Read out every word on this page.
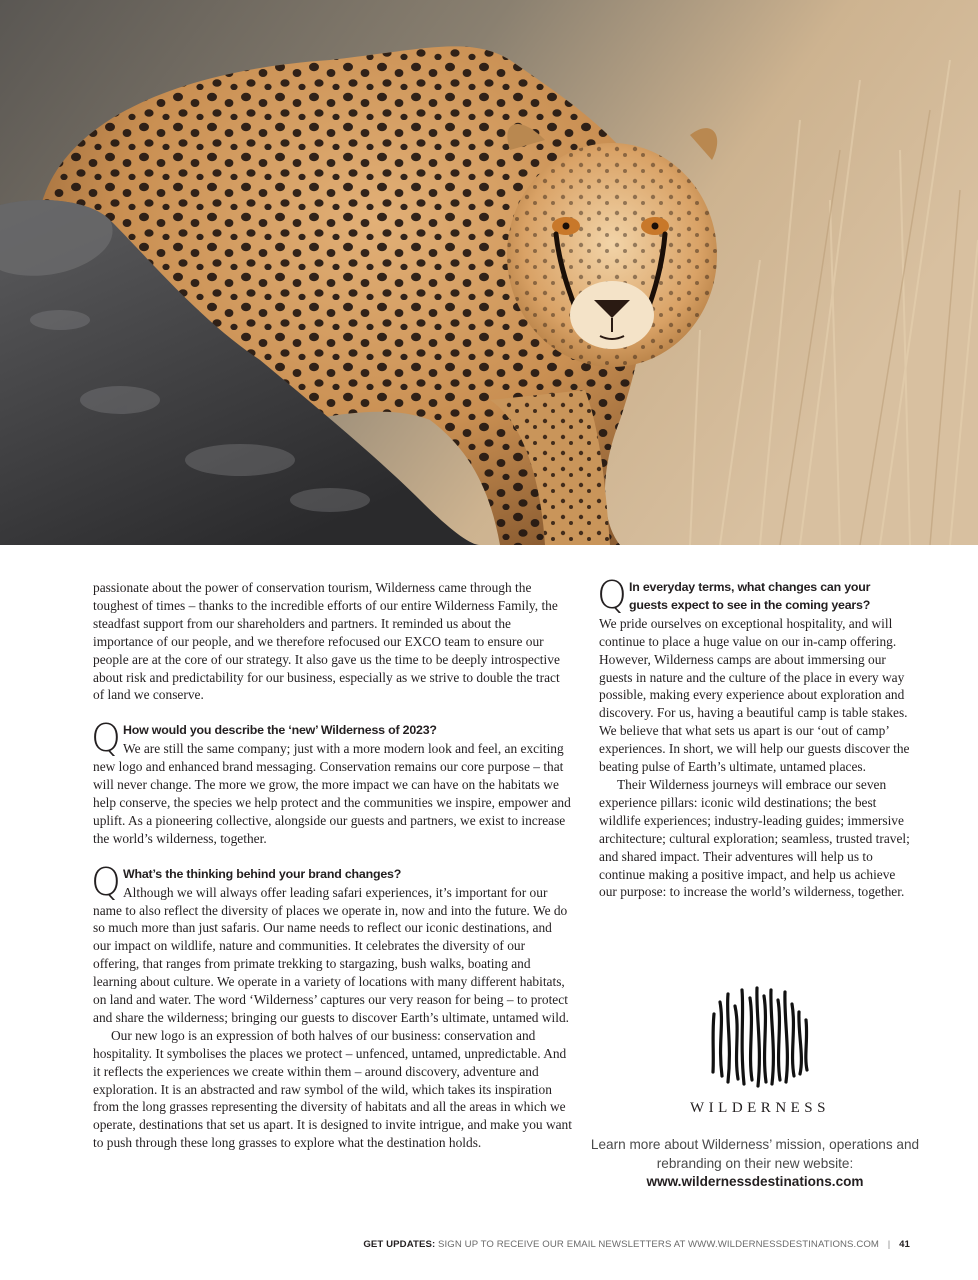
passionate about the power of conservation tourism, Wilderness came through the toughest of times – thanks to the incredible efforts of our entire Wilderness Family, the steadfast support from our shareholders and partners. It reminded us about the importance of our people, and we therefore refocused our EXCO team to ensure our people are at the core of our strategy. It also gave us the time to be deeply introspective about risk and predictability for our business, especially as we strive to double the tract of land we conserve.

Q How would you describe the ‘new’ Wilderness of 2023?

We are still the same company; just with a more modern look and feel, an exciting new logo and enhanced brand messaging. Conservation remains our core purpose – that will never change. The more we grow, the more impact we can have on the habitats we help conserve, the species we help protect and the communities we inspire, empower and uplift. As a pioneering collective, alongside our guests and partners, we exist to increase the world’s wilderness, together.

Q What’s the thinking behind your brand changes?

Although we will always offer leading safari experiences, it’s important for our name to also reflect the diversity of places we operate in, now and into the future. We do so much more than just safaris. Our name needs to reflect our iconic destinations, and our impact on wildlife, nature and communities. It celebrates the diversity of our offering, that ranges from primate trekking to stargazing, bush walks, boating and learning about culture. We operate in a variety of locations with many different habitats, on land and water. The word ‘Wilderness’ captures our very reason for being – to protect and share the wilderness; bringing our guests to discover Earth’s ultimate, untamed wild.

Our new logo is an expression of both halves of our business: conservation and hospitality. It symbolises the places we protect – unfenced, untamed, unpredictable. And it reflects the experiences we create within them – around discovery, adventure and exploration. It is an abstracted and raw symbol of the wild, which takes its inspiration from the long grasses representing the diversity of habitats and all the areas in which we operate, destinations that set us apart. It is designed to invite intrigue, and make you want to push through these long grasses to explore what the destination holds.

Q In everyday terms, what changes can your guests expect to see in the coming years?

We pride ourselves on exceptional hospitality, and will continue to place a huge value on our in-camp offering. However, Wilderness camps are about immersing our guests in nature and the culture of the place in every way possible, making every experience about exploration and discovery. For us, having a beautiful camp is table stakes. We believe that what sets us apart is our ‘out of camp’ experiences. In short, we will help our guests discover the beating pulse of Earth’s ultimate, untamed places.

Their Wilderness journeys will embrace our seven experience pillars: iconic wild destinations; the best wildlife experiences; industry-leading guides; immersive architecture; cultural exploration; seamless, trusted travel; and shared impact. Their adventures will help us to continue making a positive impact, and help us achieve our purpose: to increase the world’s wilderness, together.

WILDERNESS
Learn more about Wilderness’ mission, operations and rebranding on their new website:
www.wildernessdestinations.com
GET UPDATES: SIGN UP TO RECEIVE OUR EMAIL NEWSLETTERS AT WWW.WILDERNESSDESTINATIONS.COM | 41
